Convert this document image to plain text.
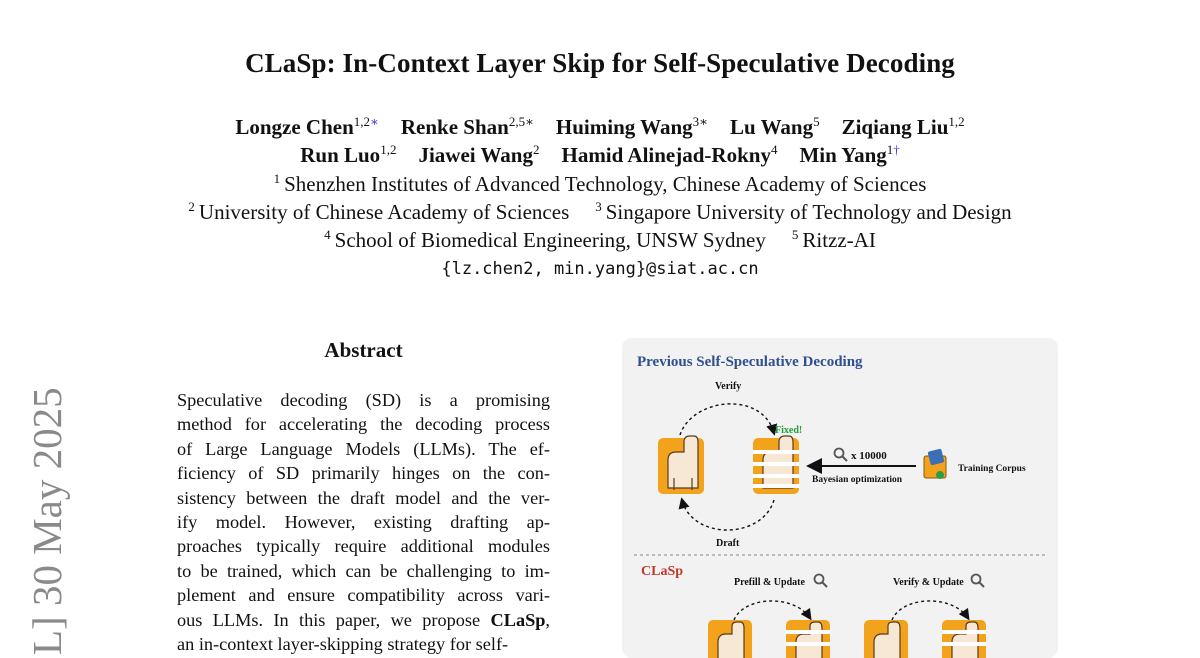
CLaSp: In-Context Layer Skip for Self-Speculative Decoding
Longze Chen$^{1,2∗}$ Renke Shan$^{2,5∗}$ Huiming Wang$^{3∗}$ Lu Wang$^5$ Ziqiang Liu$^{1,2}$
Run Luo$^{1,2}$ Jiawei Wang$^2$ Hamid Alinejad-Rokny$^4$ Min Yang$^{1\dagger}$
$^1$ Shenzhen Institutes of Advanced Technology, Chinese Academy of Sciences
$^2$ University of Chinese Academy of Sciences $^3$ Singapore University of Technology and Design
$^4$ School of Biomedical Engineering, UNSW Sydney $^5$ Ritzz-AI
{lz.chen2, min.yang}@siat.ac.cn
L] 30 May 2025
Abstract
Speculative decoding (SD) is a promising
method for accelerating the decoding process
of Large Language Models (LLMs). The ef-
ficiency of SD primarily hinges on the con-
sistency between the draft model and the ver-
ify model. However, existing drafting ap-
proaches typically require additional modules
to be trained, which can be challenging to im-
plement and ensure compatibility across vari-
ous LLMs. In this paper, we propose CLaSp,
an in-context layer-skipping strategy for self-
Previous Self-Speculative Decoding
Verify
Fixed!
x 10000
Bayesian optimization
Training Corpus
Draft
CLaSp
Prefill & Update	Verify & Update
